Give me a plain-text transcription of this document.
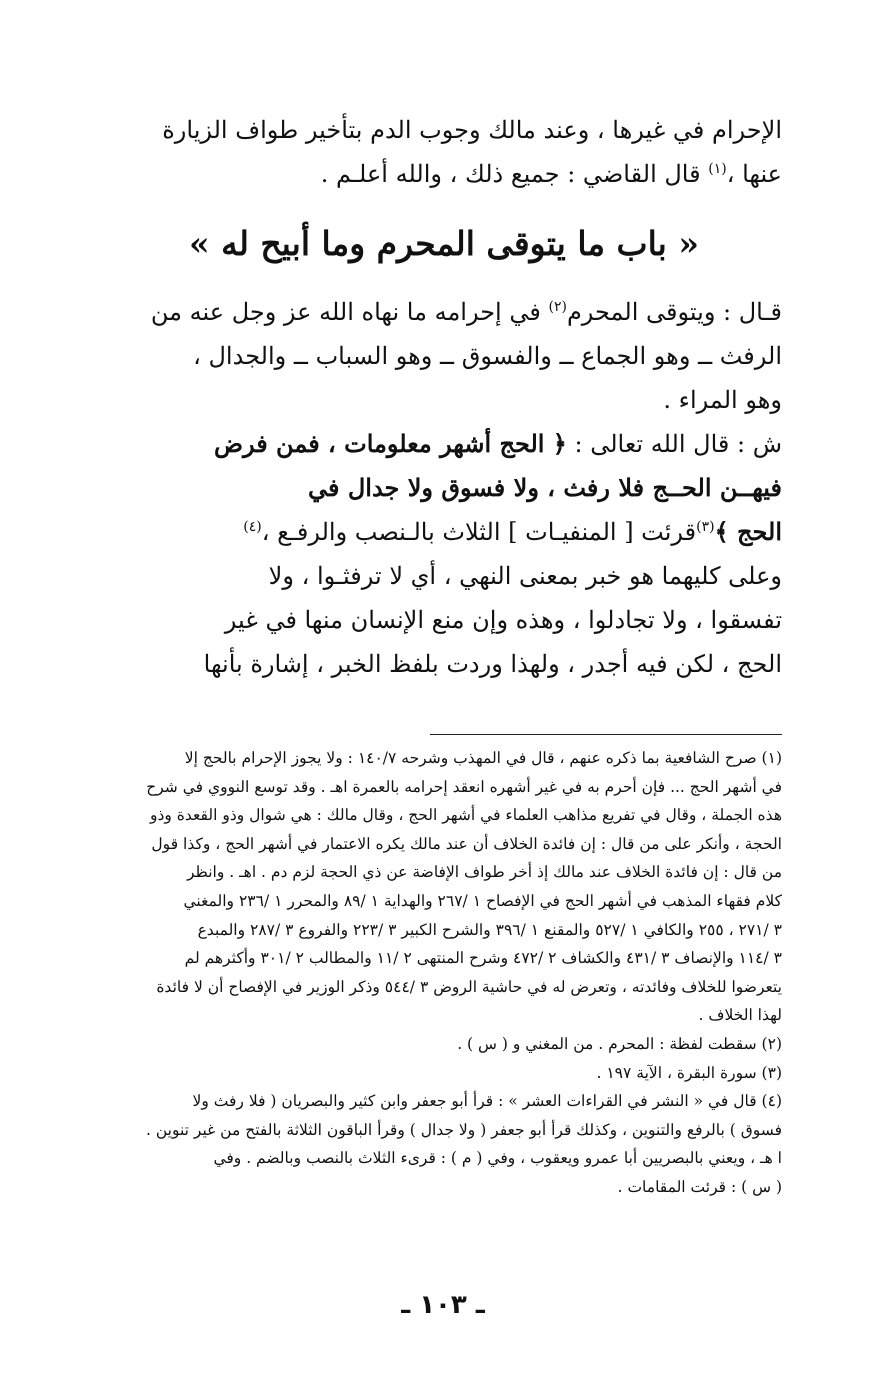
الإحرام في غيرها ، وعند مالك وجوب الدم بتأخير طواف الزيارة
عنها ،$^{(١)}$ قال القاضي : جميع ذلك ، والله أعلـم .
« باب ما يتوقى المحرم وما أبيح له »
قـال : ويتوقى المحرم$^{(٢)}$ في إحرامه ما نهاه الله عز وجل عنه من
الرفث ــ وهو الجماع ــ والفسوق ــ وهو السباب ــ والجدال ،
وهو المراء .
ش : قال الله تعالى : ﴿ الحج أشهر معلومات ، فمن فرض
فيهــن الحــج فلا رفث ، ولا فسوق ولا جدال في
الحج ﴾$^{(٣)}$قرئت [ المنفيـات ] الثلاث بالـنصب والرفـع ،$^{(٤)}$
وعلى كليهما هو خبر بمعنى النهي ، أي لا ترفثـوا ، ولا
تفسقوا ، ولا تجادلوا ، وهذه وإن منع الإنسان منها في غير
الحج ، لكن فيه أجدر ، ولهذا وردت بلفظ الخبر ، إشارة بأنها
(١) صرح الشافعية بما ذكره عنهم ، قال في المهذب وشرحه ١٤٠/٧ : ولا يجوز الإحرام بالحج إلا
في أشهر الحج ... فإن أحرم به في غير أشهره انعقد إحرامه بالعمرة اهـ . وقد توسع النووي في شرح
هذه الجملة ، وقال في تفريع مذاهب العلماء في أشهر الحج ، وقال مالك : هي شوال وذو القعدة وذو
الحجة ، وأنكر على من قال : إن فائدة الخلاف أن عند مالك يكره الاعتمار في أشهر الحج ، وكذا قول
من قال : إن فائدة الخلاف عند مالك إذ أخر طواف الإفاضة عن ذي الحجة لزم دم . اهـ . وانظر
كلام فقهاء المذهب في أشهر الحج في الإفصاح ١ /٢٦٧ والهداية ١ /٨٩ والمحرر ١ /٢٣٦ والمغني
٣ /٢٧١ ، ٢٥٥ والكافي ١ /٥٢٧ والمقنع ١ /٣٩٦ والشرح الكبير ٣ /٢٢٣ والفروع ٣ /٢٨٧ والمبدع
٣ /١١٤ والإنصاف ٣ /٤٣١ والكشاف ٢ /٤٧٢ وشرح المنتهى ٢ /١١ والمطالب ٢ /٣٠١ وأكثرهم لم
يتعرضوا للخلاف وفائدته ، وتعرض له في حاشية الروض ٣ /٥٤٤ وذكر الوزير في الإفصاح أن لا فائدة
لهذا الخلاف .
(٢) سقطت لفظة : المحرم . من المغني و ( س ) .
(٣) سورة البقرة ، الآية ١٩٧ .
(٤) قال في « النشر في القراءات العشر » : قرأ أبو جعفر وابن كثير والبصريان ( فلا رفث ولا
فسوق ) بالرفع والتنوين ، وكذلك قرأ أبو جعفر ( ولا جدال ) وقرأ الباقون الثلاثة بالفتح من غير تنوين .
ا هـ ، ويعني بالبصريين أبا عمرو ويعقوب ، وفي ( م ) : قرىء الثلاث بالنصب وبالضم . وفي
( س ) : قرئت المقامات .
ـ ١٠٣ ـ
